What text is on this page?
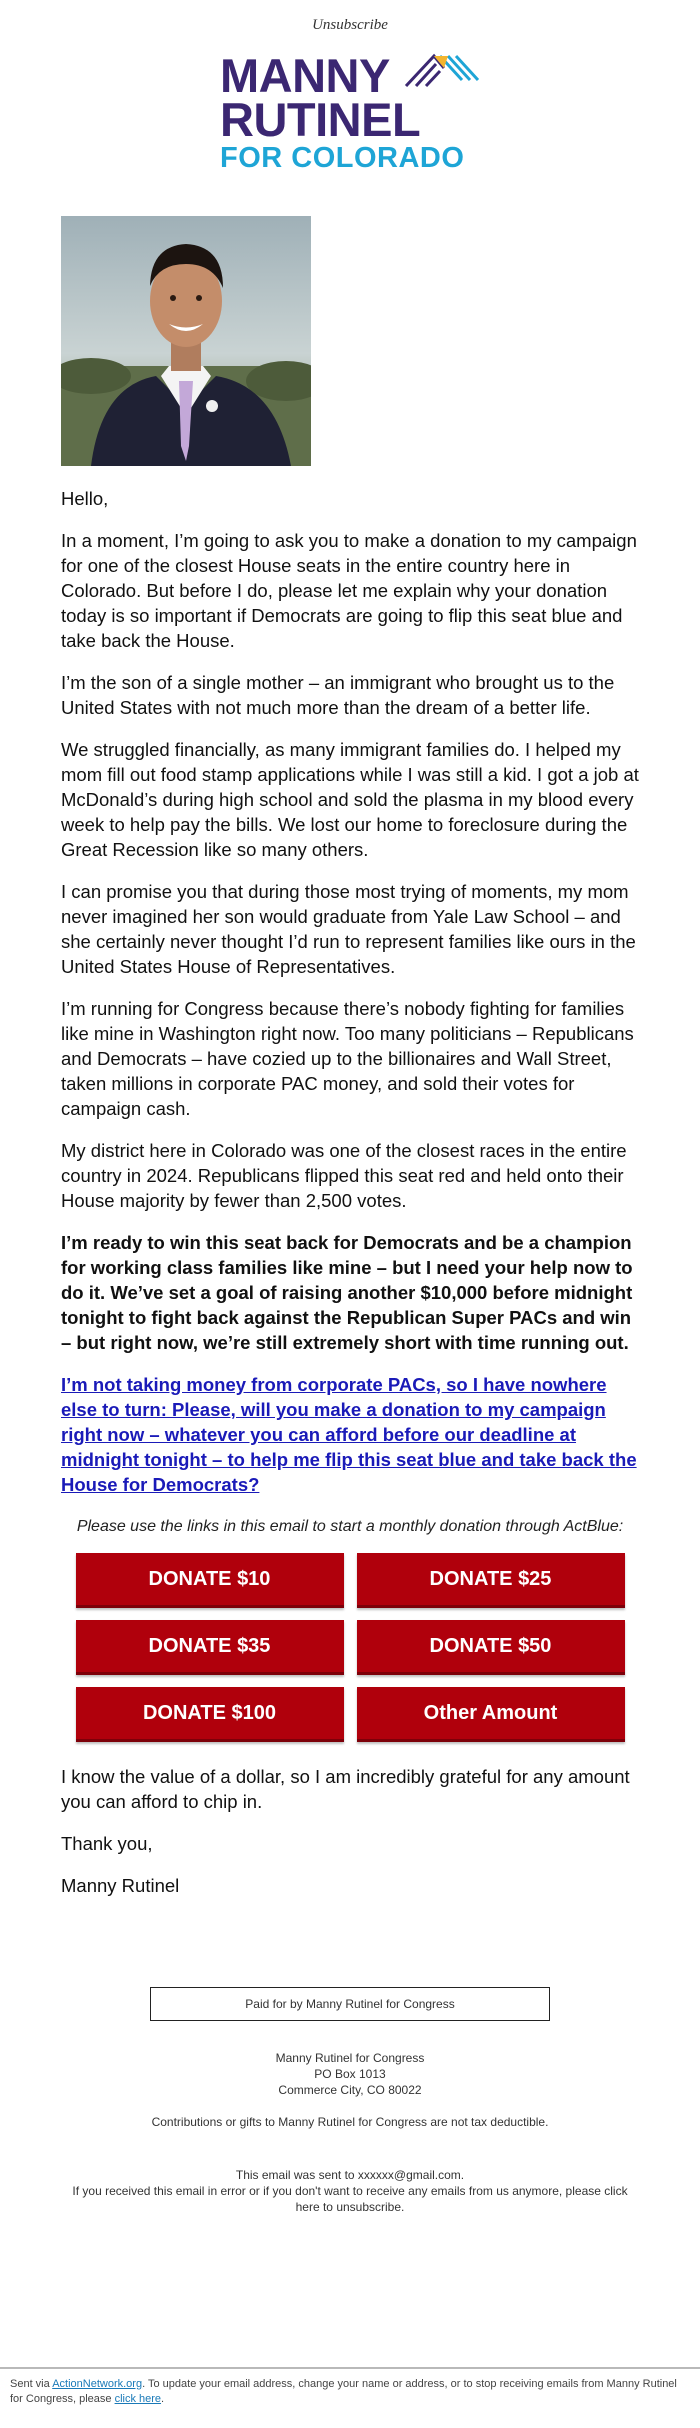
Unsubscribe
MANNY
RUTINEL
FOR COLORADO

Hello,

In a moment, I’m going to ask you to make a donation to my campaign for one of the closest House seats in the entire country here in Colorado. But before I do, please let me explain why your donation today is so important if Democrats are going to flip this seat blue and take back the House.

I’m the son of a single mother – an immigrant who brought us to the United States with not much more than the dream of a better life.

We struggled financially, as many immigrant families do. I helped my mom fill out food stamp applications while I was still a kid. I got a job at McDonald’s during high school and sold the plasma in my blood every week to help pay the bills. We lost our home to foreclosure during the Great Recession like so many others.

I can promise you that during those most trying of moments, my mom never imagined her son would graduate from Yale Law School – and she certainly never thought I’d run to represent families like ours in the United States House of Representatives.

I’m running for Congress because there’s nobody fighting for families like mine in Washington right now. Too many politicians – Republicans and Democrats – have cozied up to the billionaires and Wall Street, taken millions in corporate PAC money, and sold their votes for campaign cash.

My district here in Colorado was one of the closest races in the entire country in 2024. Republicans flipped this seat red and held onto their House majority by fewer than 2,500 votes.

I’m ready to win this seat back for Democrats and be a champion for working class families like mine – but I need your help now to do it. We’ve set a goal of raising another $10,000 before midnight tonight to fight back against the Republican Super PACs and win – but right now, we’re still extremely short with time running out.

I’m not taking money from corporate PACs, so I have nowhere else to turn: Please, will you make a donation to my campaign right now – whatever you can afford before our deadline at midnight tonight – to help me flip this seat blue and take back the House for Democrats?

Please use the links in this email to start a monthly donation through ActBlue:
DONATE $10	DONATE $25
DONATE $35	DONATE $50
DONATE $100	Other Amount

I know the value of a dollar, so I am incredibly grateful for any amount you can afford to chip in.

Thank you,

Manny Rutinel

Paid for by Manny Rutinel for Congress
Manny Rutinel for Congress
PO Box 1013
Commerce City, CO 80022
Contributions or gifts to Manny Rutinel for Congress are not tax deductible.
This email was sent to xxxxxx@gmail.com.
If you received this email in error or if you don't want to receive any emails from us anymore, please click here to unsubscribe.
Sent via ActionNetwork.org. To update your email address, change your name or address, or to stop receiving emails from Manny Rutinel for Congress, please click here.
